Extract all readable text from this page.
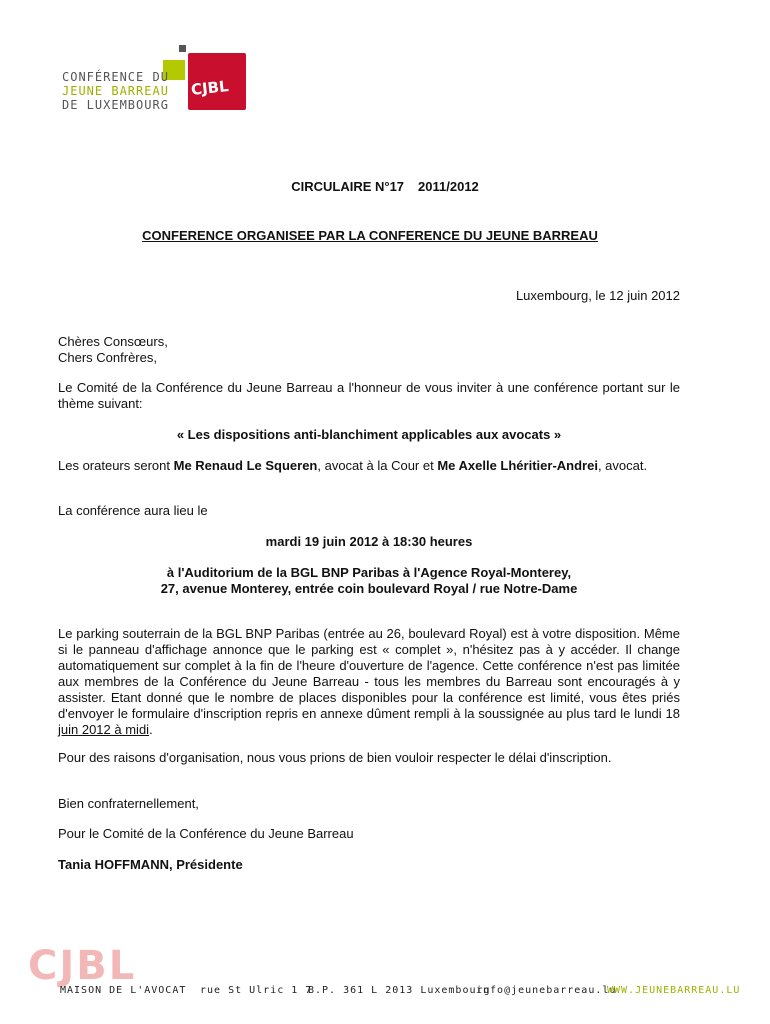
CJBL
CONFÉRENCE DU
JEUNE BARREAU
DE LUXEMBOURG
CIRCULAIRE N°17 2011/2012
CONFERENCE ORGANISEE PAR LA CONFERENCE DU JEUNE BARREAU
Luxembourg, le 12 juin 2012
Chères Consœurs,
Chers Confrères,
Le Comité de la Conférence du Jeune Barreau a l'honneur de vous inviter à une conférence portant sur le thème suivant:
« Les dispositions anti-blanchiment applicables aux avocats »
Les orateurs seront Me Renaud Le Squeren, avocat à la Cour et Me Axelle Lhéritier-Andrei, avocat.
La conférence aura lieu le
mardi 19 juin 2012 à 18:30 heures
à l'Auditorium de la BGL BNP Paribas à l'Agence Royal-Monterey,
27, avenue Monterey, entrée coin boulevard Royal / rue Notre-Dame
Le parking souterrain de la BGL BNP Paribas (entrée au 26, boulevard Royal) est à votre disposition. Même si le panneau d'affichage annonce que le parking est « complet », n'hésitez pas à y accéder. Il change automatiquement sur complet à la fin de l'heure d'ouverture de l'agence. Cette conférence n'est pas limitée aux membres de la Conférence du Jeune Barreau - tous les membres du Barreau sont encouragés à y assister. Etant donné que le nombre de places disponibles pour la conférence est limité, vous êtes priés d'envoyer le formulaire d'inscription repris en annexe dûment rempli à la soussignée au plus tard le lundi 18 juin 2012 à midi.
Pour des raisons d'organisation, nous vous prions de bien vouloir respecter le délai d'inscription.
Bien confraternellement,
Pour le Comité de la Conférence du Jeune Barreau
Tania HOFFMANN, Présidente
CJBL
MAISON DE L'AVOCAT rue St Ulric 1 7
B.P. 361 L 2013 Luxembourg
info@jeunebarreau.lu
WWW.JEUNEBARREAU.LU
